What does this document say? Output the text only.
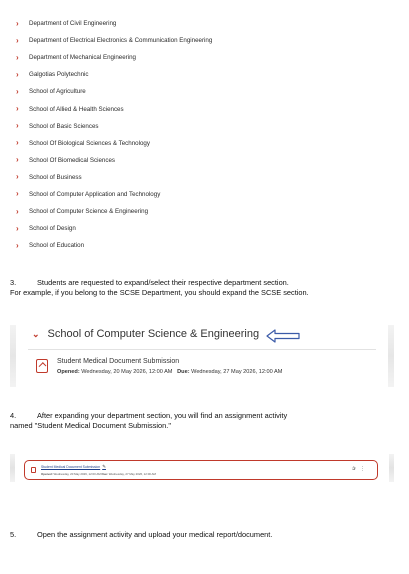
›	Department of Civil Engineering
›	Department of Electrical Electronics & Communication Engineering
›	Department of Mechanical Engineering
›	Galgotias Polytechnic
›	School of Agriculture
›	School of Allied & Health Sciences
›	School of Basic Sciences
›	School Of Biological Sciences & Technology
›	School Of Biomedical Sciences
›	School of Business
›	School of Computer Application and Technology
›	School of Computer Science & Engineering
›	School of Design
›	School of Education
3.	Students are requested to expand/select their respective department section.
For example, if you belong to the SCSE Department, you should expand the SCSE section.
⌄ School of Computer Science & Engineering
Student Medical Document Submission
Opened: Wednesday, 20 May 2026, 12:00 AM Due: Wednesday, 27 May 2026, 12:00 AM
4.	After expanding your department section, you will find an assignment activity
named "Student Medical Document Submission."
Student Medical Document Submission ✎
Opened: Wednesday, 20 May 2026, 12:00 AM Due: Wednesday, 27 May 2026, 12:00 AM
✰⋮
5.	Open the assignment activity and upload your medical report/document.
